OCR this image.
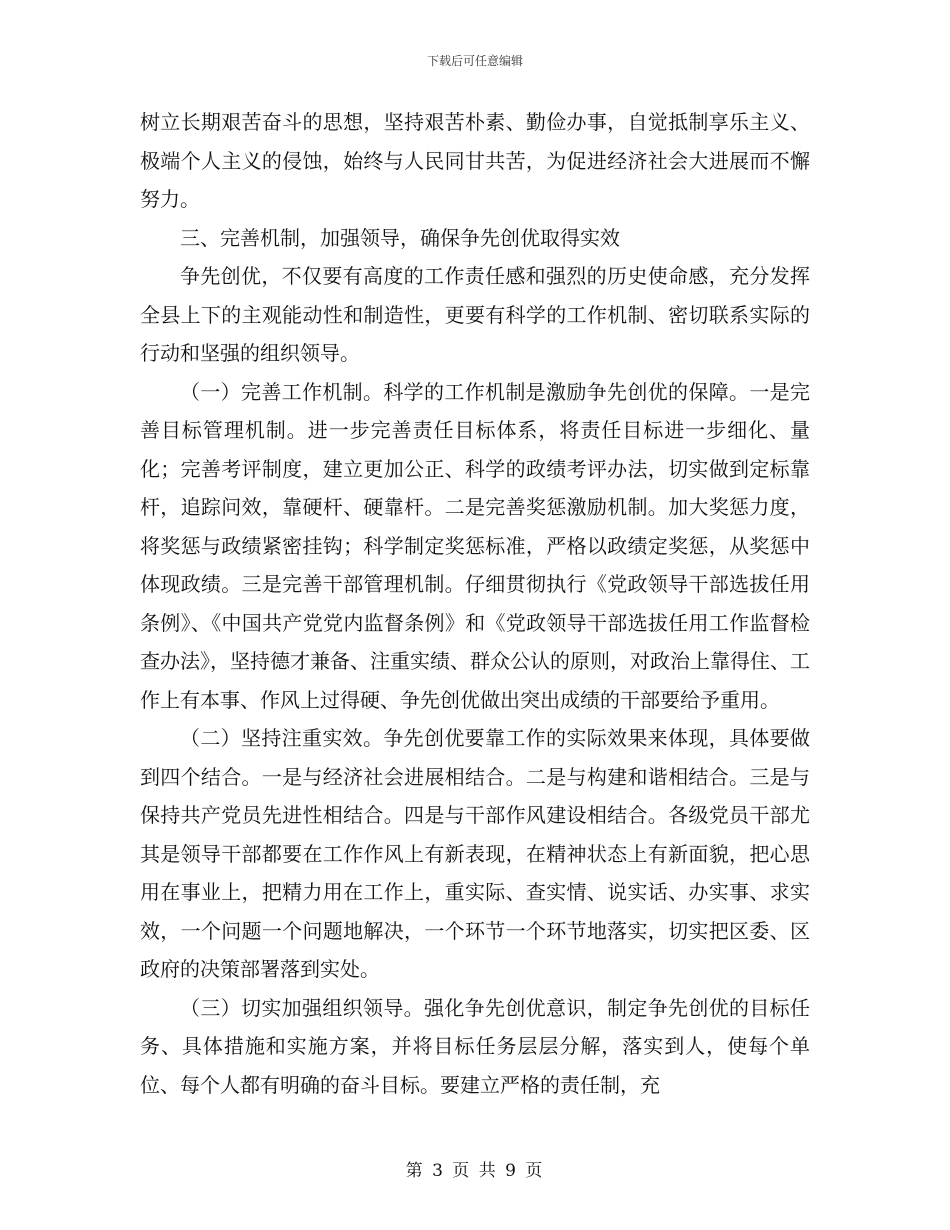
下载后可任意编辑

树立长期艰苦奋斗的思想，坚持艰苦朴素、勤俭办事，自觉抵制享乐主义、极端个人主义的侵蚀，始终与人民同甘共苦，为促进经济社会大进展而不懈努力。

三、完善机制，加强领导，确保争先创优取得实效

争先创优，不仅要有高度的工作责任感和强烈的历史使命感，充分发挥全县上下的主观能动性和制造性，更要有科学的工作机制、密切联系实际的行动和坚强的组织领导。

（一）完善工作机制。科学的工作机制是激励争先创优的保障。一是完善目标管理机制。进一步完善责任目标体系，将责任目标进一步细化、量化；完善考评制度，建立更加公正、科学的政绩考评办法，切实做到定标靠杆，追踪问效，靠硬杆、硬靠杆。二是完善奖惩激励机制。加大奖惩力度，将奖惩与政绩紧密挂钩；科学制定奖惩标准，严格以政绩定奖惩，从奖惩中体现政绩。三是完善干部管理机制。仔细贯彻执行《党政领导干部选拔任用条例》、《中国共产党党内监督条例》和《党政领导干部选拔任用工作监督检查办法》，坚持德才兼备、注重实绩、群众公认的原则，对政治上靠得住、工作上有本事、作风上过得硬、争先创优做出突出成绩的干部要给予重用。

（二）坚持注重实效。争先创优要靠工作的实际效果来体现，具体要做到四个结合。一是与经济社会进展相结合。二是与构建和谐相结合。三是与保持共产党员先进性相结合。四是与干部作风建设相结合。各级党员干部尤其是领导干部都要在工作作风上有新表现，在精神状态上有新面貌，把心思用在事业上，把精力用在工作上，重实际、查实情、说实话、办实事、求实效，一个问题一个问题地解决，一个环节一个环节地落实，切实把区委、区政府的决策部署落到实处。

（三）切实加强组织领导。强化争先创优意识，制定争先创优的目标任务、具体措施和实施方案，并将目标任务层层分解，落实到人，使每个单位、每个人都有明确的奋斗目标。要建立严格的责任制，充

第 3 页 共 9 页
